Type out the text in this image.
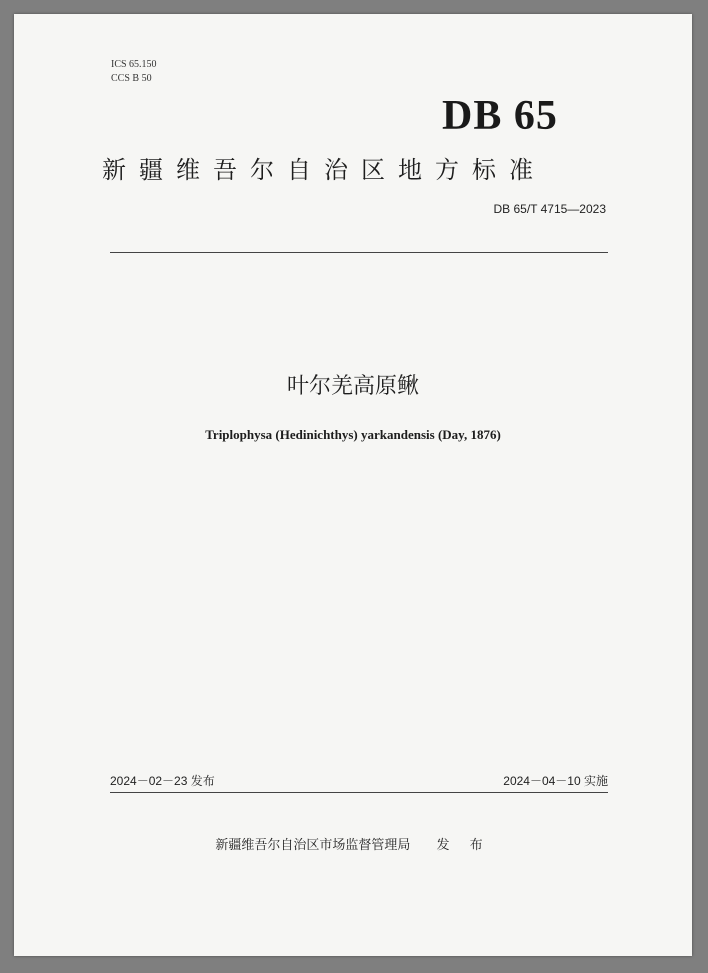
ICS 65.150
CCS B 50
DB 65
新疆维吾尔自治区地方标准
DB 65/T 4715—2023
叶尔羌高原鳅
Triplophysa (Hedinichthys) yarkandensis (Day, 1876)
2024－02－23 发布	2024－04－10 实施
新疆维吾尔自治区市场监督管理局 发 布
